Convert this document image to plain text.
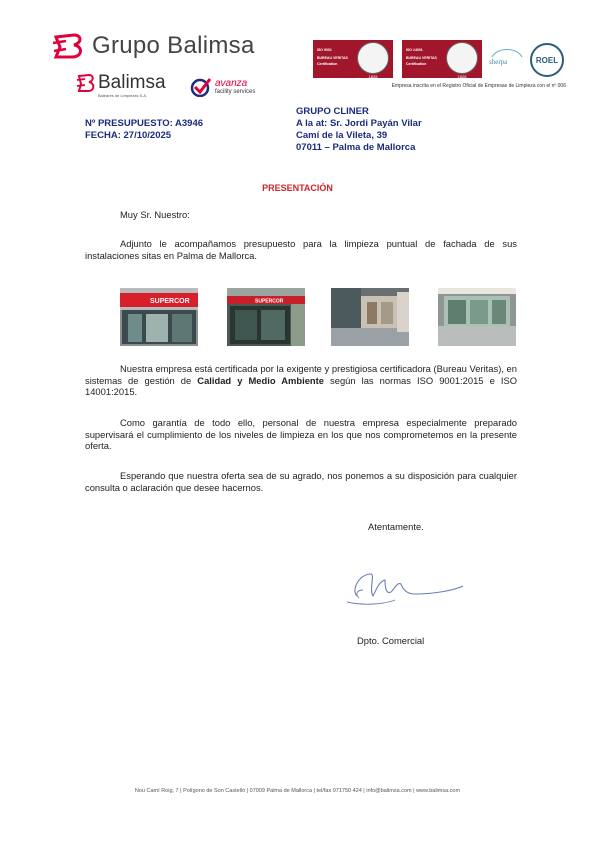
Grupo Balimsa
Balimsa
Baleares de Limpiezas S.A.
avanza
facility services
ISO 9001
BUREAU VERITAS
Certification
1828
ISO 14001
BUREAU VERITAS
Certification
1828
sherpa	ROEL
Empresa inscrita en el Registro Oficial de Empresas de Limpieza con el nº 006
Nº PRESUPUESTO: A3946
FECHA: 27/10/2025
GRUPO CLINER
A la at: Sr. Jordi Payán Vilar
Camí de la Vileta, 39
07011 – Palma de Mallorca
PRESENTACIÓN
Muy Sr. Nuestro:
Adjunto le acompañamos presupuesto para la limpieza puntual de fachada de sus instalaciones sitas en Palma de Mallorca.
SUPERCOR	SUPERCOR
Nuestra empresa está certificada por la exigente y prestigiosa certificadora (Bureau Veritas), en sistemas de gestión de Calidad y Medio Ambiente según las normas ISO 9001:2015 e ISO 14001:2015.
Como garantía de todo ello, personal de nuestra empresa especialmente preparado supervisará el cumplimiento de los niveles de limpieza en los que nos comprometemos en la presente oferta.
Esperando que nuestra oferta sea de su agrado, nos ponemos a su disposición para cualquier consulta o aclaración que desee hacernos.
Atentamente.
Dpto. Comercial
Nou Camí Roig, 7 | Polígono de Son Castelló | 07009 Palma de Mallorca | tel/fax 971750 424 | info@balimsa.com | www.balimsa.com
